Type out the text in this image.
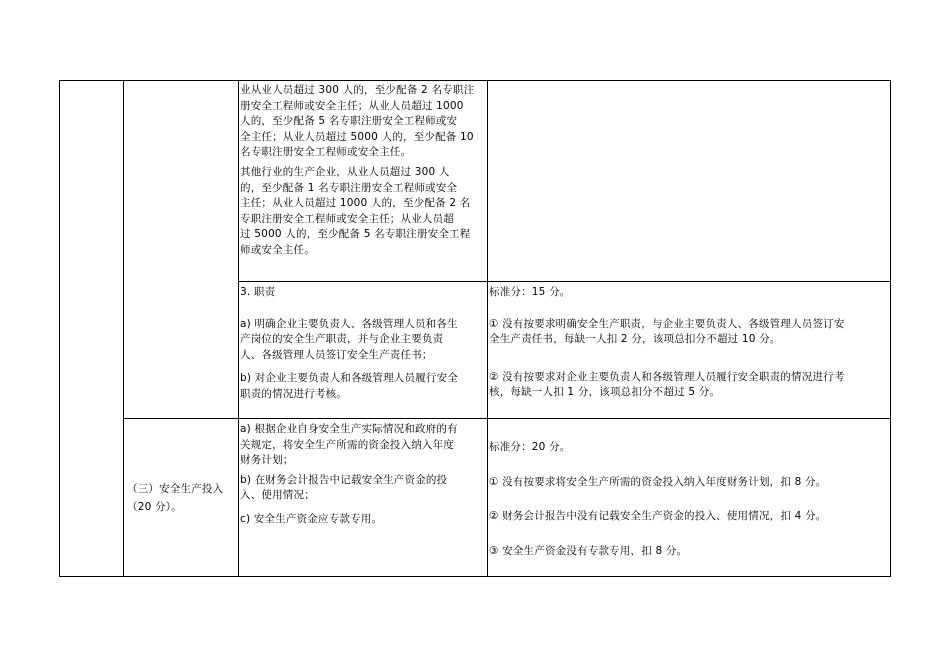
业从业人员超过 300 人的，至少配备 2 名专职注
册安全工程师或安全主任；从业人员超过 1000
人的，至少配备 5 名专职注册安全工程师或安
全主任；从业人员超过 5000 人的，至少配备 10
名专职注册安全工程师或安全主任。
其他行业的生产企业，从业人员超过 300 人
的，至少配备 1 名专职注册安全工程师或安全
主任；从业人员超过 1000 人的，至少配备 2 名
专职注册安全工程师或安全主任；从业人员超
过 5000 人的，至少配备 5 名专职注册安全工程
师或安全主任。
3. 职责
a) 明确企业主要负责人、各级管理人员和各生
产岗位的安全生产职责，并与企业主要负责
人、各级管理人员签订安全生产责任书；
b) 对企业主要负责人和各级管理人员履行安全
职责的情况进行考核。
标准分：15 分。
① 没有按要求明确安全生产职责，与企业主要负责人、各级管理人员签订安
全生产责任书，每缺一人扣 2 分，该项总扣分不超过 10 分。
② 没有按要求对企业主要负责人和各级管理人员履行安全职责的情况进行考
核，每缺一人扣 1 分，该项总扣分不超过 5 分。
（三）安全生产投入
（20 分）。
a) 根据企业自身安全生产实际情况和政府的有
关规定，将安全生产所需的资金投入纳入年度
财务计划；
b) 在财务会计报告中记载安全生产资金的投
入、使用情况；
c) 安全生产资金应专款专用。
标准分：20 分。
① 没有按要求将安全生产所需的资金投入纳入年度财务计划，扣 8 分。
② 财务会计报告中没有记载安全生产资金的投入、使用情况，扣 4 分。
③ 安全生产资金没有专款专用，扣 8 分。
